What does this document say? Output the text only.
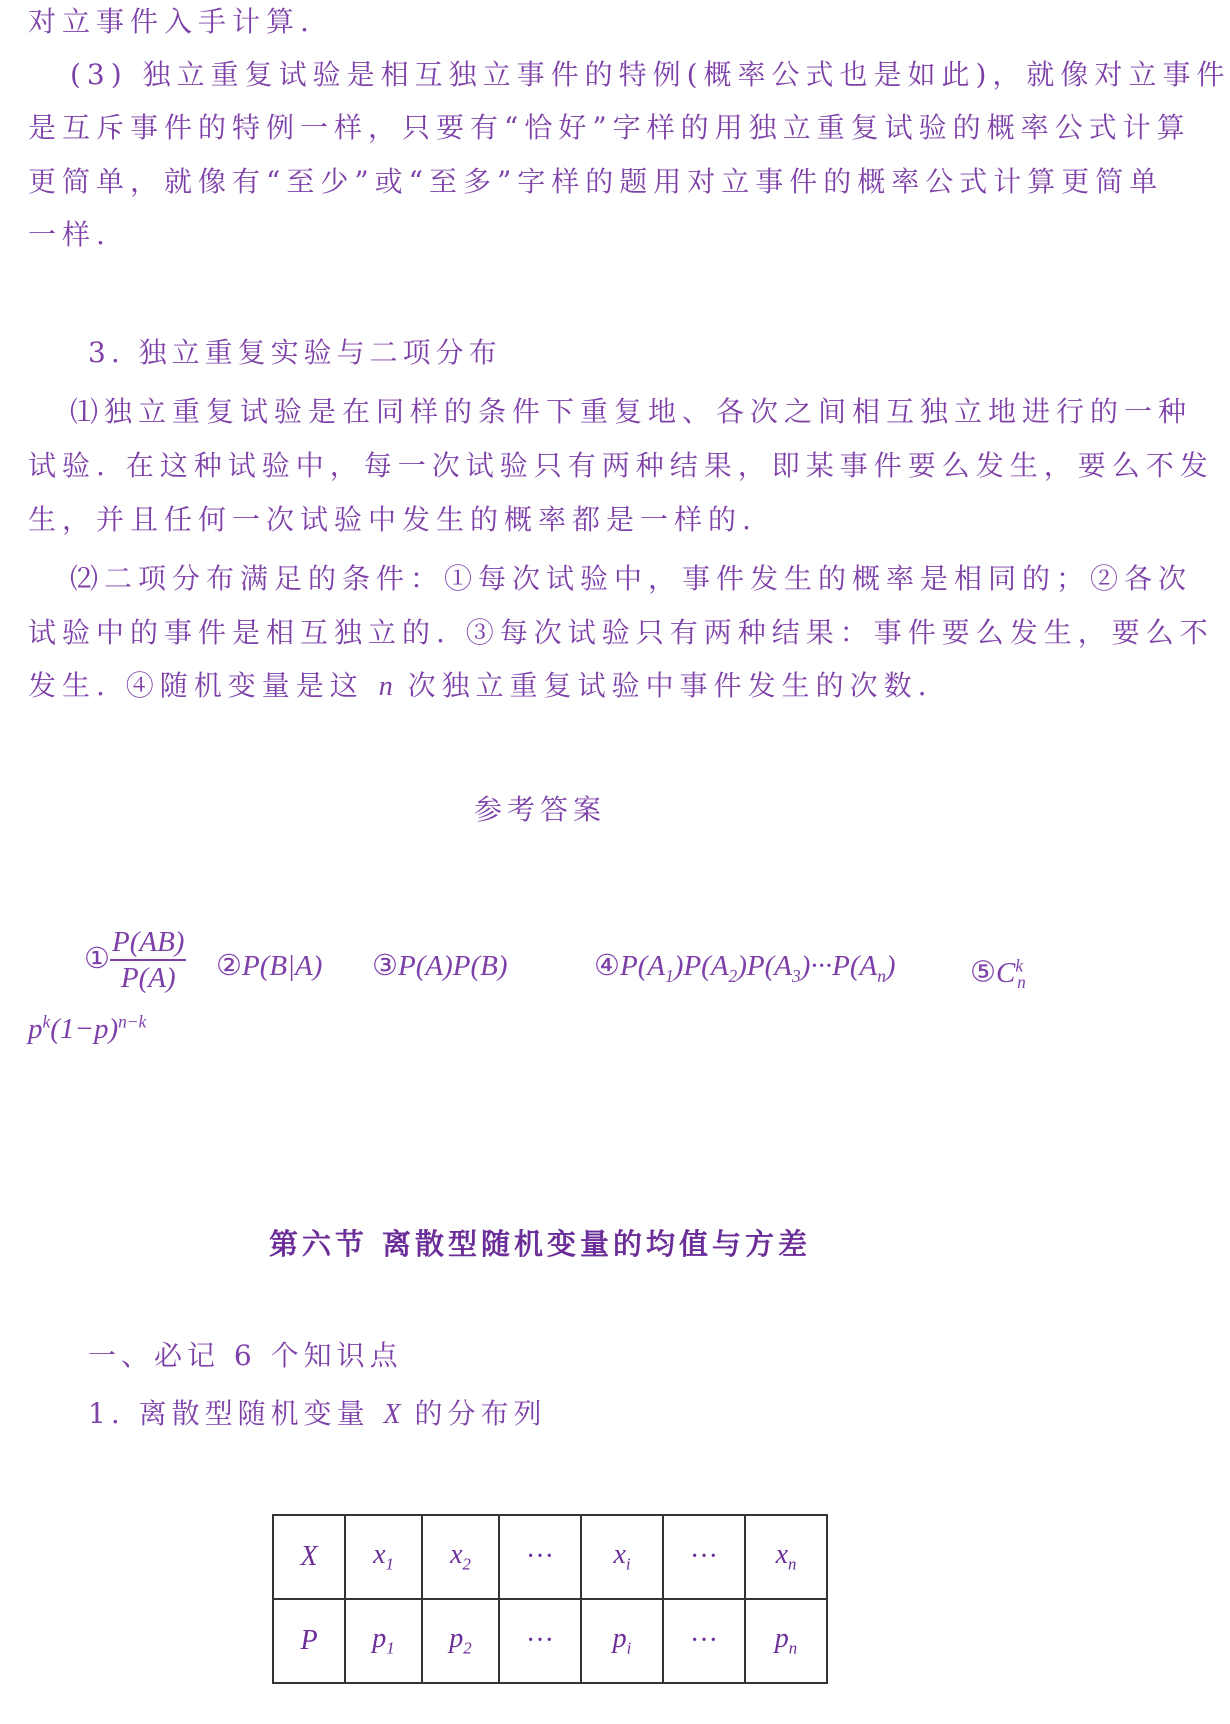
对立事件入手计算.
(3) 独立重复试验是相互独立事件的特例(概率公式也是如此)，就像对立事件
是互斥事件的特例一样，只要有“恰好”字样的用独立重复试验的概率公式计算
更简单，就像有“至少”或“至多”字样的题用对立事件的概率公式计算更简单
一样.
3. 独立重复实验与二项分布
⑴独立重复试验是在同样的条件下重复地、各次之间相互独立地进行的一种
试验. 在这种试验中，每一次试验只有两种结果，即某事件要么发生，要么不发
生，并且任何一次试验中发生的概率都是一样的.
⑵二项分布满足的条件：①每次试验中，事件发生的概率是相同的；②各次
试验中的事件是相互独立的. ③每次试验只有两种结果：事件要么发生，要么不
发生. ④随机变量是这 n 次独立重复试验中事件发生的次数.
参考答案
① $\frac{P(AB)}{P(A)}$ ②P(B|A) ③P(A)P(B)	$④P(A_1)P(A_2)P(A_3)\cdot\cdot\cdot P(A_n)$	$⑤C^k_n$
$p^k(1-p)^{n-k}$
第六节 离散型随机变量的均值与方差
一、必记 6 个知识点
1. 离散型随机变量 X 的分布列
X	$x_1$	$x_2$	···	$x_i$	···	$x_n$
P	$p_1$	$p_2$	···	$p_i$	···	$p_n$
